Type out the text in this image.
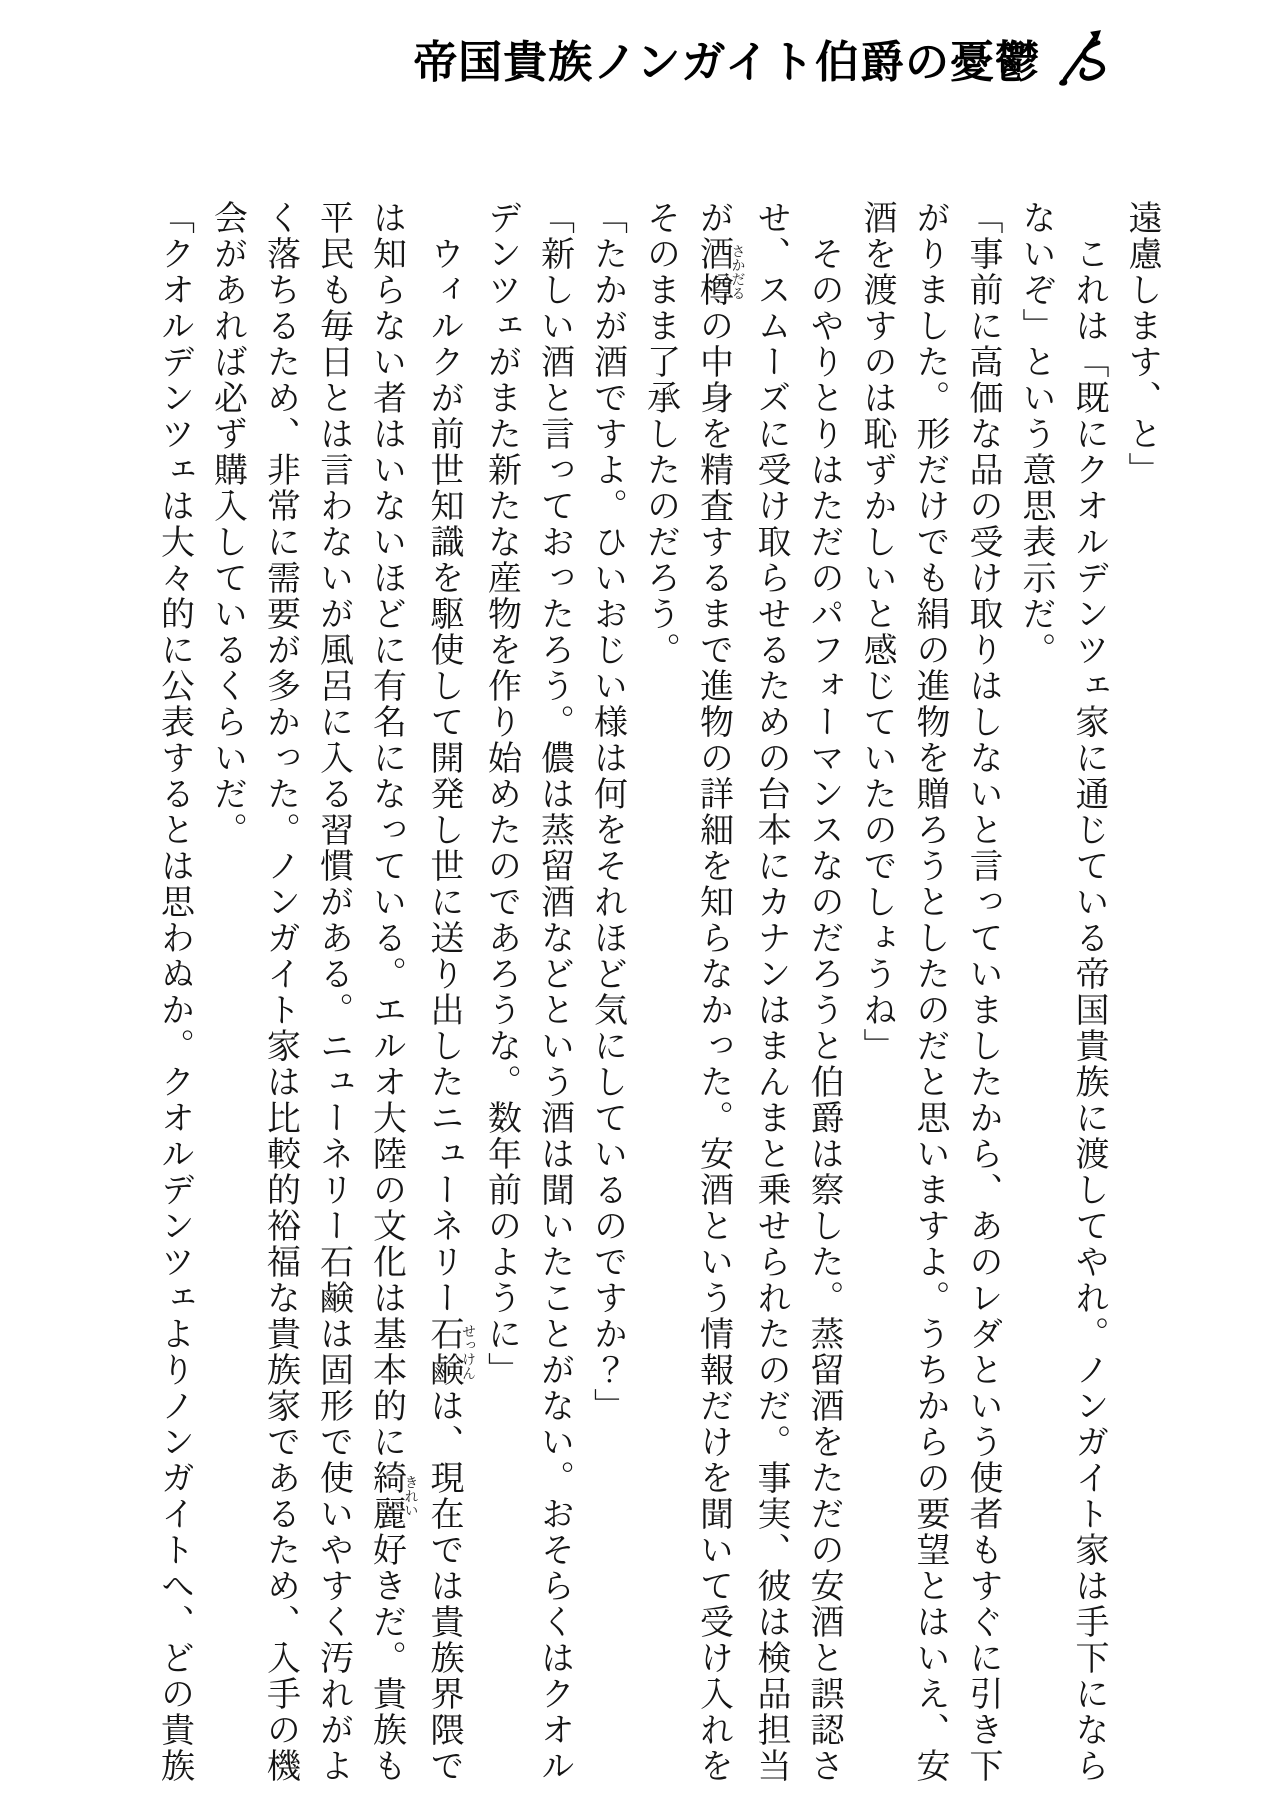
帝国貴族ノンガイト伯爵の憂鬱

遠慮します、と」

これは「既にクオルデンツェ家に通じている帝国貴族に渡してやれ。ノンガイト家は手下になら

ないぞ」という意思表示だ。

「事前に高価な品の受け取りはしないと言っていましたから、あのレダという使者もすぐに引き下

がりました。形だけでも絹の進物を贈ろうとしたのだと思いますよ。うちからの要望とはいえ、安

酒を渡すのは恥ずかしいと感じていたのでしょうね」

そのやりとりはただのパフォーマンスなのだろうと伯爵は察した。蒸留酒をただの安酒と誤認さ

せ、スムーズに受け取らせるための台本にカナンはまんまと乗せられたのだ。事実、彼は検品担当

が酒樽さかだるの中身を精査するまで進物の詳細を知らなかった。安酒という情報だけを聞いて受け入れを

そのまま了承したのだろう。

「たかが酒ですよ。ひいおじい様は何をそれほど気にしているのですか？」

「新しい酒と言っておったろう。儂は蒸留酒などという酒は聞いたことがない。おそらくはクオル

デンツェがまた新たな産物を作り始めたのであろうな。数年前のように」

ウィルクが前世知識を駆使して開発し世に送り出したニューネリー石鹸せっけんは、現在では貴族界隈で

は知らない者はいないほどに有名になっている。エルオ大陸の文化は基本的に綺麗きれい好きだ。貴族も

平民も毎日とは言わないが風呂に入る習慣がある。ニューネリー石鹸は固形で使いやすく汚れがよ

く落ちるため、非常に需要が多かった。ノンガイト家は比較的裕福な貴族家であるため、入手の機

会があれば必ず購入しているくらいだ。

「クオルデンツェは大々的に公表するとは思わぬか。クオルデンツェよりノンガイトへ、どの貴族
